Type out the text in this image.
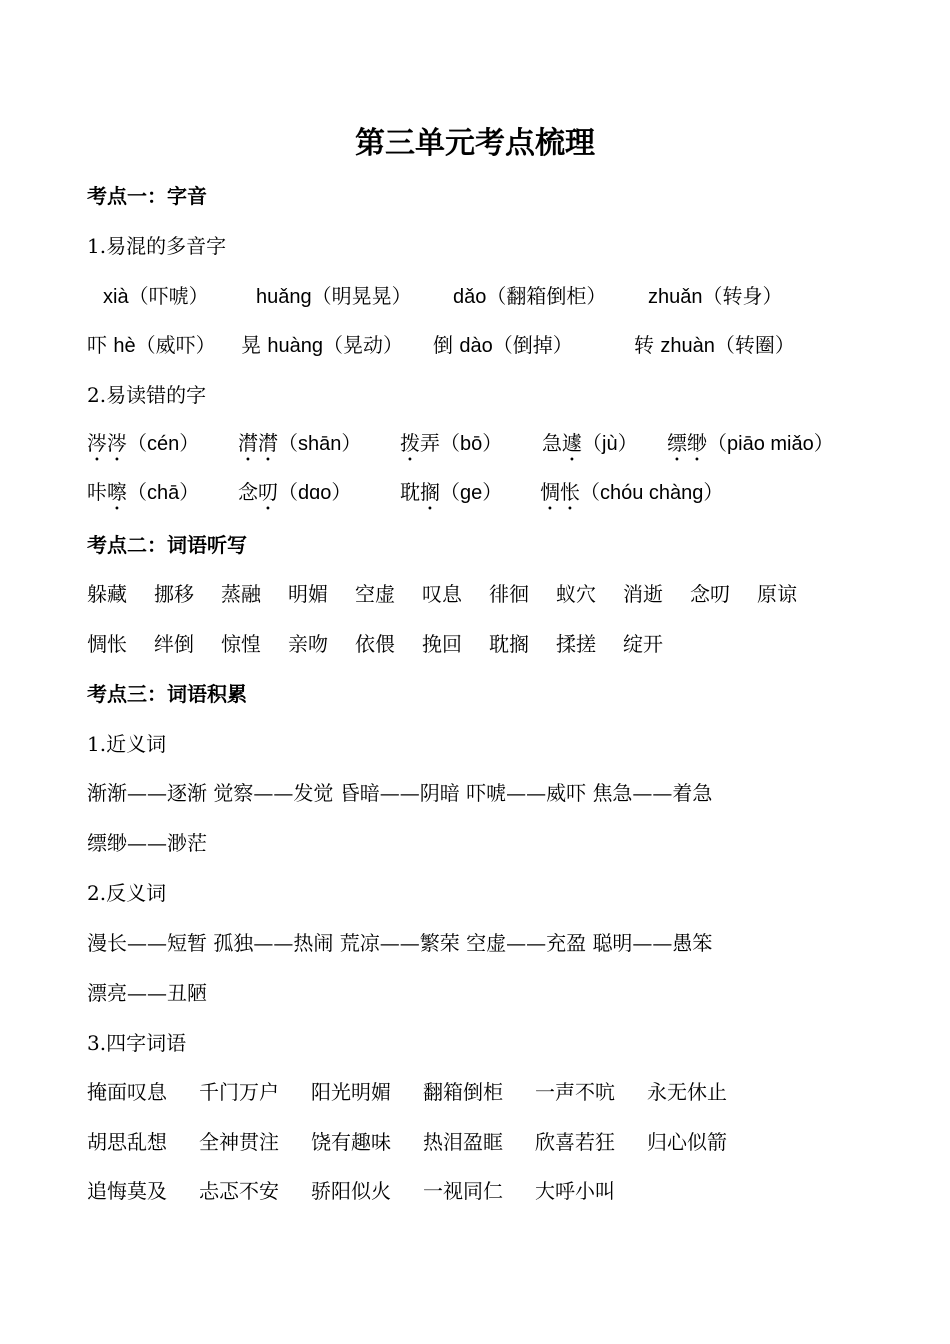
第三单元考点梳理
考点一：字音
1.易混的多音字
xià（吓唬） huǎng（明晃晃） dǎo（翻箱倒柜） zhuǎn（转身）
吓 hè（威吓） 晃 huàng（晃动） 倒 dào（倒掉）	转 zhuàn（转圈）
2.易读错的字
涔涔（cén） 潸潸（shān） 拨弄（bō） 急遽（jù） 缥缈（piāo miǎo）
咔嚓（chā） 念叨（dɑo） 耽搁（ge） 惆怅（chóu chàng）
考点二：词语听写
躲藏 挪移 蒸融 明媚 空虚 叹息 徘徊 蚁穴 消逝 念叨 原谅
惆怅 绊倒 惊惶 亲吻 依偎 挽回 耽搁 揉搓 绽开
考点三：词语积累
1.近义词
渐渐——逐渐 觉察——发觉 昏暗——阴暗 吓唬——威吓 焦急——着急
缥缈——渺茫
2.反义词
漫长——短暂 孤独——热闹 荒凉——繁荣 空虚——充盈 聪明——愚笨
漂亮——丑陋
3.四字词语
掩面叹息 千门万户 阳光明媚 翻箱倒柜 一声不吭 永无休止
胡思乱想 全神贯注 饶有趣味 热泪盈眶 欣喜若狂 归心似箭
追悔莫及 忐忑不安 骄阳似火 一视同仁 大呼小叫
